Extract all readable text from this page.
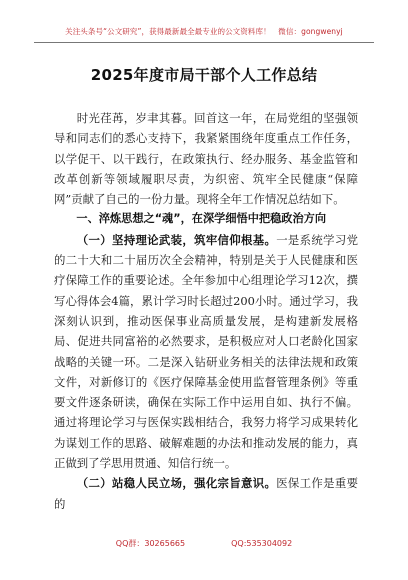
关注头条号“公文研究”，获得最新最全最专业的公文资料库！　微信：gongwenyj
2025年度市局干部个人工作总结

时光荏苒，岁聿其暮。回首这一年，在局党组的坚强领导和同志们的悉心支持下，我紧紧围绕年度重点工作任务，以学促干、以干践行，在政策执行、经办服务、基金监管和改革创新等领域履职尽责，为织密、筑牢全民健康“保障网”贡献了自己的一份力量。现将全年工作情况总结如下。

一、淬炼思想之“魂”，在深学细悟中把稳政治方向

（一）坚持理论武装，筑牢信仰根基。一是系统学习党的二十大和二十届历次全会精神，特别是关于人民健康和医疗保障工作的重要论述。全年参加中心组理论学习12次，撰写心得体会4篇，累计学习时长超过200小时。通过学习，我深刻认识到，推动医保事业高质量发展，是构建新发展格局、促进共同富裕的必然要求，是积极应对人口老龄化国家战略的关键一环。二是深入钻研业务相关的法律法规和政策文件，对新修订的《医疗保障基金使用监督管理条例》等重要文件逐条研读，确保在实际工作中运用自如、执行不偏。通过将理论学习与医保实践相结合，我努力将学习成果转化为谋划工作的思路、破解难题的办法和推动发展的能力，真正做到了学思用贯通、知信行统一。

（二）站稳人民立场，强化宗旨意识。医保工作是重要的

QQ群：30265665	QQ:535304092
